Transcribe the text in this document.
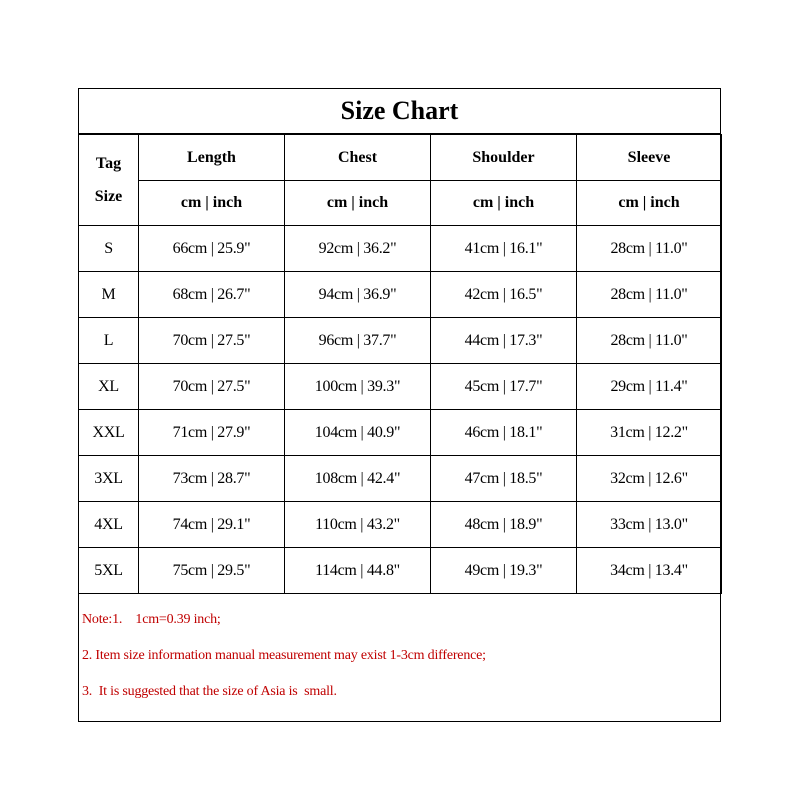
Size Chart
Tag
Size	Length	Chest	Shoulder	Sleeve
	cm | inch	cm | inch	cm | inch	cm | inch
S	66cm | 25.9"	92cm | 36.2"	41cm | 16.1"	28cm | 11.0"
M	68cm | 26.7"	94cm | 36.9"	42cm | 16.5"	28cm | 11.0"
L	70cm | 27.5"	96cm | 37.7"	44cm | 17.3"	28cm | 11.0"
XL	70cm | 27.5"	100cm | 39.3"	45cm | 17.7"	29cm | 11.4"
XXL	71cm | 27.9"	104cm | 40.9"	46cm | 18.1"	31cm | 12.2"
3XL	73cm | 28.7"	108cm | 42.4"	47cm | 18.5"	32cm | 12.6"
4XL	74cm | 29.1"	110cm | 43.2"	48cm | 18.9"	33cm | 13.0"
5XL	75cm | 29.5"	114cm | 44.8"	49cm | 19.3"	34cm | 13.4"
Note:1.    1cm=0.39 inch;
2. Item size information manual measurement may exist 1-3cm difference;
3.  It is suggested that the size of Asia is  small.
